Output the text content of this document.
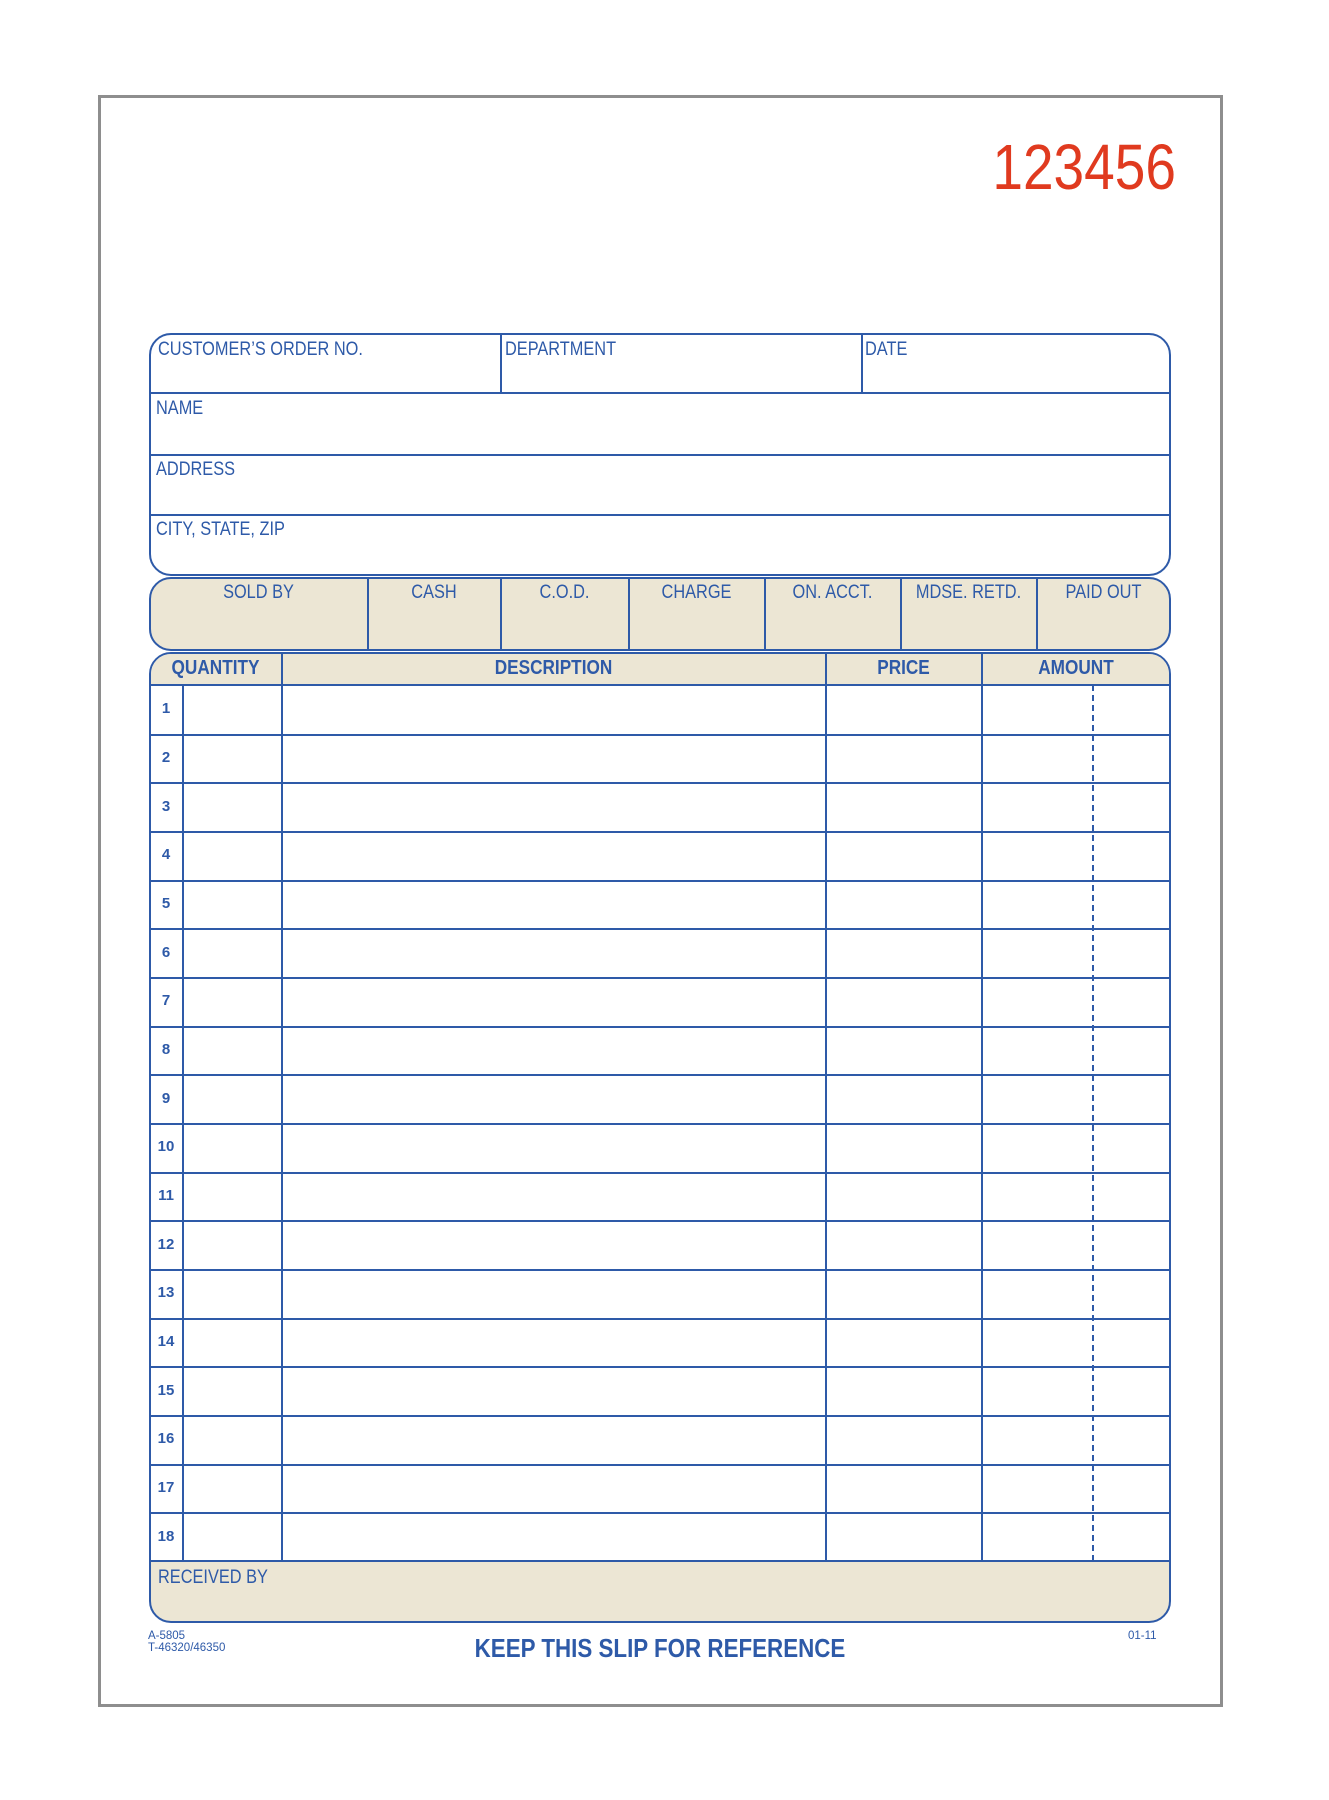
123456
CUSTOMER’S ORDER NO.	DEPARTMENT	DATE
NAME
ADDRESS
CITY, STATE, ZIP
SOLD BY	CASH	C.O.D.	CHARGE	ON. ACCT.	MDSE. RETD.	PAID OUT
QUANTITY	DESCRIPTION	PRICE	AMOUNT
1
2
3
4
5
6
7
8
9
10
11
12
13
14
15
16
17
18
RECEIVED BY
A-5805
T-46320/46350	KEEP THIS SLIP FOR REFERENCE	01-11
